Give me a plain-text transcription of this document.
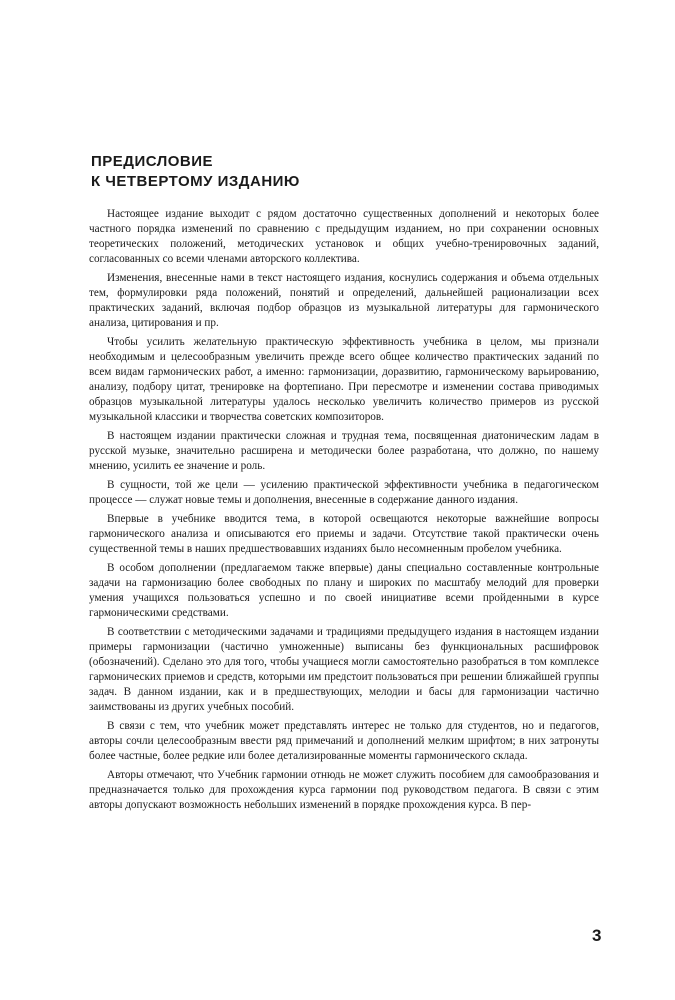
ПРЕДИСЛОВИЕ
К ЧЕТВЕРТОМУ ИЗДАНИЮ

Настоящее издание выходит с рядом достаточно существенных дополнений и некоторых более частного порядка изменений по сравнению с предыдущим изданием, но при сохранении основных теоретических положений, методических установок и общих учебно-тренировочных заданий, согласованных со всеми членами авторского коллектива.

Изменения, внесенные нами в текст настоящего издания, коснулись содержания и объема отдельных тем, формулировки ряда положений, понятий и определений, дальнейшей рационализации всех практических заданий, включая подбор образцов из музыкальной литературы для гармонического анализа, цитирования и пр.

Чтобы усилить желательную практическую эффективность учебника в целом, мы признали необходимым и целесообразным увеличить прежде всего общее количество практических заданий по всем видам гармонических работ, а именно: гармонизации, доразвитию, гармоническому варьированию, анализу, подбору цитат, тренировке на фортепиано. При пересмотре и изменении состава приводимых образцов музыкальной литературы удалось несколько увеличить количество примеров из русской музыкальной классики и творчества советских композиторов.

В настоящем издании практически сложная и трудная тема, посвященная диатоническим ладам в русской музыке, значительно расширена и методически более разработана, что должно, по нашему мнению, усилить ее значение и роль.

В сущности, той же цели — усилению практической эффективности учебника в педагогическом процессе — служат новые темы и дополнения, внесенные в содержание данного издания.

Впервые в учебнике вводится тема, в которой освещаются некоторые важнейшие вопросы гармонического анализа и описываются его приемы и задачи. Отсутствие такой практически очень существенной темы в наших предшествовавших изданиях было несомненным пробелом учебника.

В особом дополнении (предлагаемом также впервые) даны специально составленные контрольные задачи на гармонизацию более свободных по плану и широких по масштабу мелодий для проверки умения учащихся пользоваться успешно и по своей инициативе всеми пройденными в курсе гармоническими средствами.

В соответствии с методическими задачами и традициями предыдущего издания в настоящем издании примеры гармонизации (частично умноженные) выписаны без функциональных расшифровок (обозначений). Сделано это для того, чтобы учащиеся могли самостоятельно разобраться в том комплексе гармонических приемов и средств, которыми им предстоит пользоваться при решении ближайшей группы задач. В данном издании, как и в предшествующих, мелодии и басы для гармонизации частично заимствованы из других учебных пособий.

В связи с тем, что учебник может представлять интерес не только для студентов, но и педагогов, авторы сочли целесообразным ввести ряд примечаний и дополнений мелким шрифтом; в них затронуты более частные, более редкие или более детализированные моменты гармонического склада.

Авторы отмечают, что Учебник гармонии отнюдь не может служить пособием для самообразования и предназначается только для прохождения курса гармонии под руководством педагога. В связи с этим авторы допускают возможность небольших изменений в порядке прохождения курса. В пер-

3
